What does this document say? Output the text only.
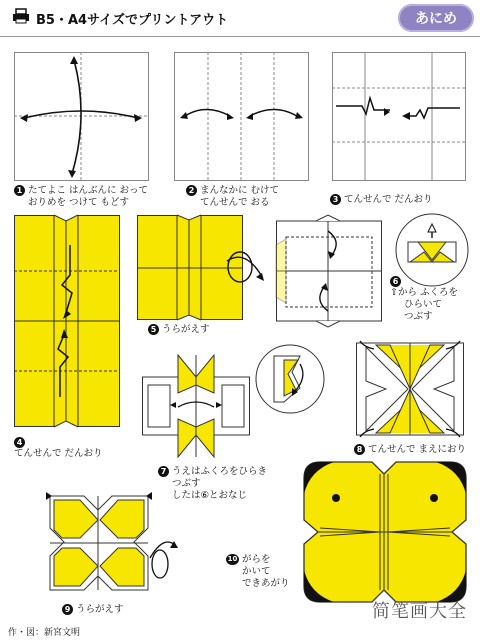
B5・A4サイズでプリントアウト	あにめ
1 たてよこ はんぶんに おって
おりめを つけて もどす
2 まんなかに むけて
てんせんで おる	3 てんせんで だんおり
4
てんせんで だんおり
5 うらがえす
6
⇧から ふくろを
ひらいて
つぶす
7 うえはふくろをひらき
つぶす
したは⑥とおなじ
8 てんせんで まえにおり
9 うらがえす
10 がらを
かいて
できあがり
作・図：新宮文明
简笔画大全
